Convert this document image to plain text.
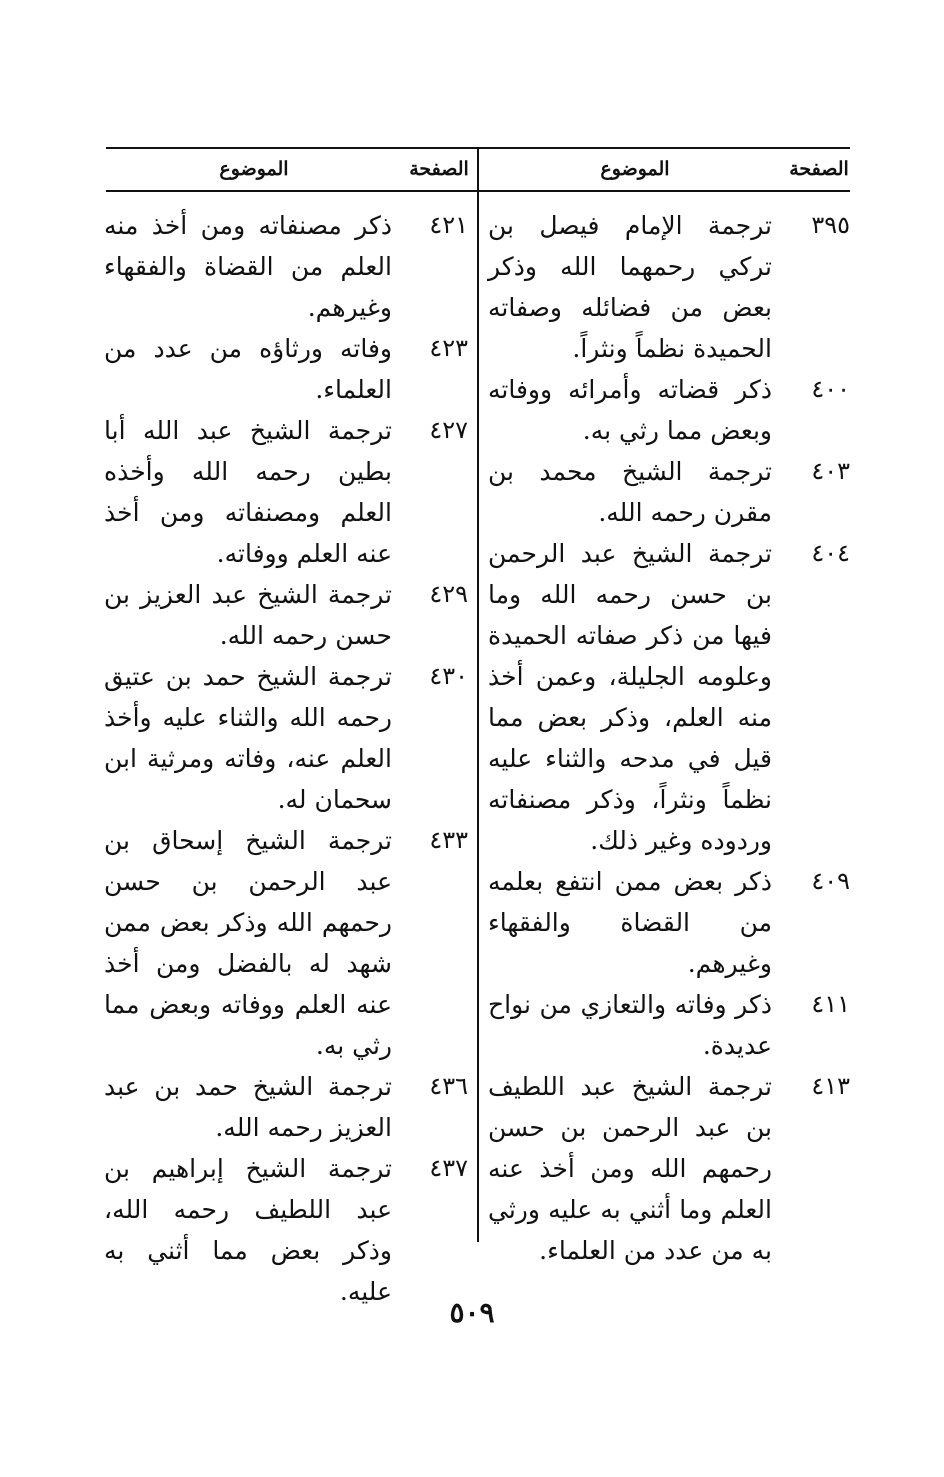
الصفحة
الموضوع
الصفحة
الموضوع
٣٩٥
ترجمة الإمام فيصل بن تركي رحمهما الله وذكر بعض من فضائله وصفاته الحميدة نظماً ونثراً.
٤٠٠
ذكر قضاته وأمرائه ووفاته وبعض مما رثي به.
٤٠٣
ترجمة الشيخ محمد بن مقرن رحمه الله.
٤٠٤
ترجمة الشيخ عبد الرحمن بن حسن رحمه الله وما فيها من ذكر صفاته الحميدة وعلومه الجليلة، وعمن أخذ منه العلم، وذكر بعض مما قيل في مدحه والثناء عليه نظماً ونثراً، وذكر مصنفاته وردوده وغير ذلك.
٤٠٩
ذكر بعض ممن انتفع بعلمه من القضاة والفقهاء وغيرهم.
٤١١
ذكر وفاته والتعازي من نواح عديدة.
٤١٣
ترجمة الشيخ عبد اللطيف بن عبد الرحمن بن حسن رحمهم الله ومن أخذ عنه العلم وما أثني به عليه ورثي به من عدد من العلماء.
٤٢١
ذكر مصنفاته ومن أخذ منه العلم من القضاة والفقهاء وغيرهم.
٤٢٣
وفاته ورثاؤه من عدد من العلماء.
٤٢٧
ترجمة الشيخ عبد الله أبا بطين رحمه الله وأخذه العلم ومصنفاته ومن أخذ عنه العلم ووفاته.
٤٢٩
ترجمة الشيخ عبد العزيز بن حسن رحمه الله.
٤٣٠
ترجمة الشيخ حمد بن عتيق رحمه الله والثناء عليه وأخذ العلم عنه، وفاته ومرثية ابن سحمان له.
٤٣٣
ترجمة الشيخ إسحاق بن عبد الرحمن بن حسن رحمهم الله وذكر بعض ممن شهد له بالفضل ومن أخذ عنه العلم ووفاته وبعض مما رثي به.
٤٣٦
ترجمة الشيخ حمد بن عبد العزيز رحمه الله.
٤٣٧
ترجمة الشيخ إبراهيم بن عبد اللطيف رحمه الله، وذكر بعض مما أثني به عليه.
٥٠٩
